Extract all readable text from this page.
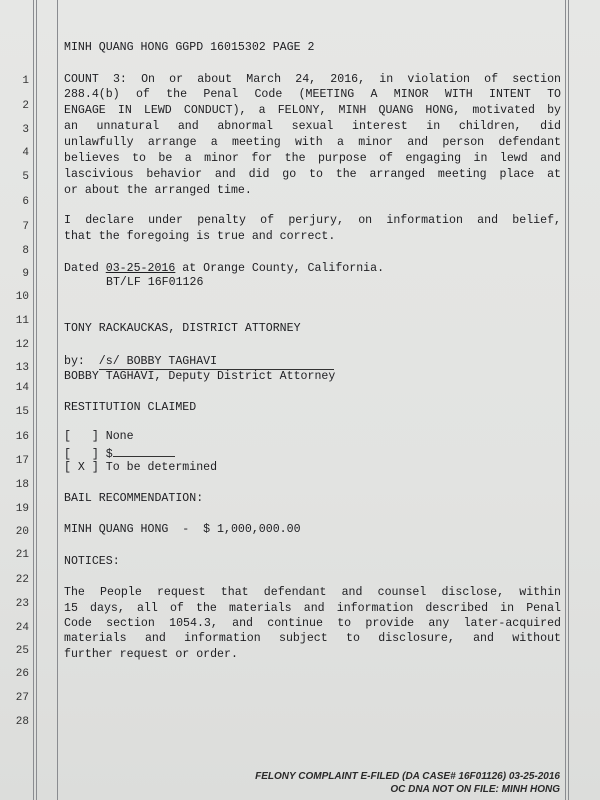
1
2
3
4
5
6
7
8
9
10
11
12
13
14
15
16
17
18
19
20
21
22
23
24
25
26
27
28
MINH QUANG HONG GGPD 16015302 PAGE 2
COUNT 3: On or about March 24, 2016, in violation of section
288.4(b) of the Penal Code (MEETING A MINOR WITH INTENT TO
ENGAGE IN LEWD CONDUCT), a FELONY, MINH QUANG HONG, motivated by
an unnatural and abnormal sexual interest in children, did
unlawfully arrange a meeting with a minor and person defendant
believes to be a minor for the purpose of engaging in lewd and
lascivious behavior and did go to the arranged meeting place at
or about the arranged time.
I declare under penalty of perjury, on information and belief,
that the foregoing is true and correct.
Dated 03-25-2016 at Orange County, California.
BT/LF 16F01126
TONY RACKAUCKAS, DISTRICT ATTORNEY
by:  /s/ BOBBY TAGHAVI
BOBBY TAGHAVI, Deputy District Attorney
RESTITUTION CLAIMED
[   ] None
[   ] $
[ X ] To be determined
BAIL RECOMMENDATION:
MINH QUANG HONG  -  $ 1,000,000.00
NOTICES:
The People request that defendant and counsel disclose, within
15 days, all of the materials and information described in Penal
Code section 1054.3, and continue to provide any later-acquired
materials and information subject to disclosure, and without
further request or order.
FELONY COMPLAINT E-FILED (DA CASE# 16F01126) 03-25-2016
OC DNA NOT ON FILE: MINH HONG
